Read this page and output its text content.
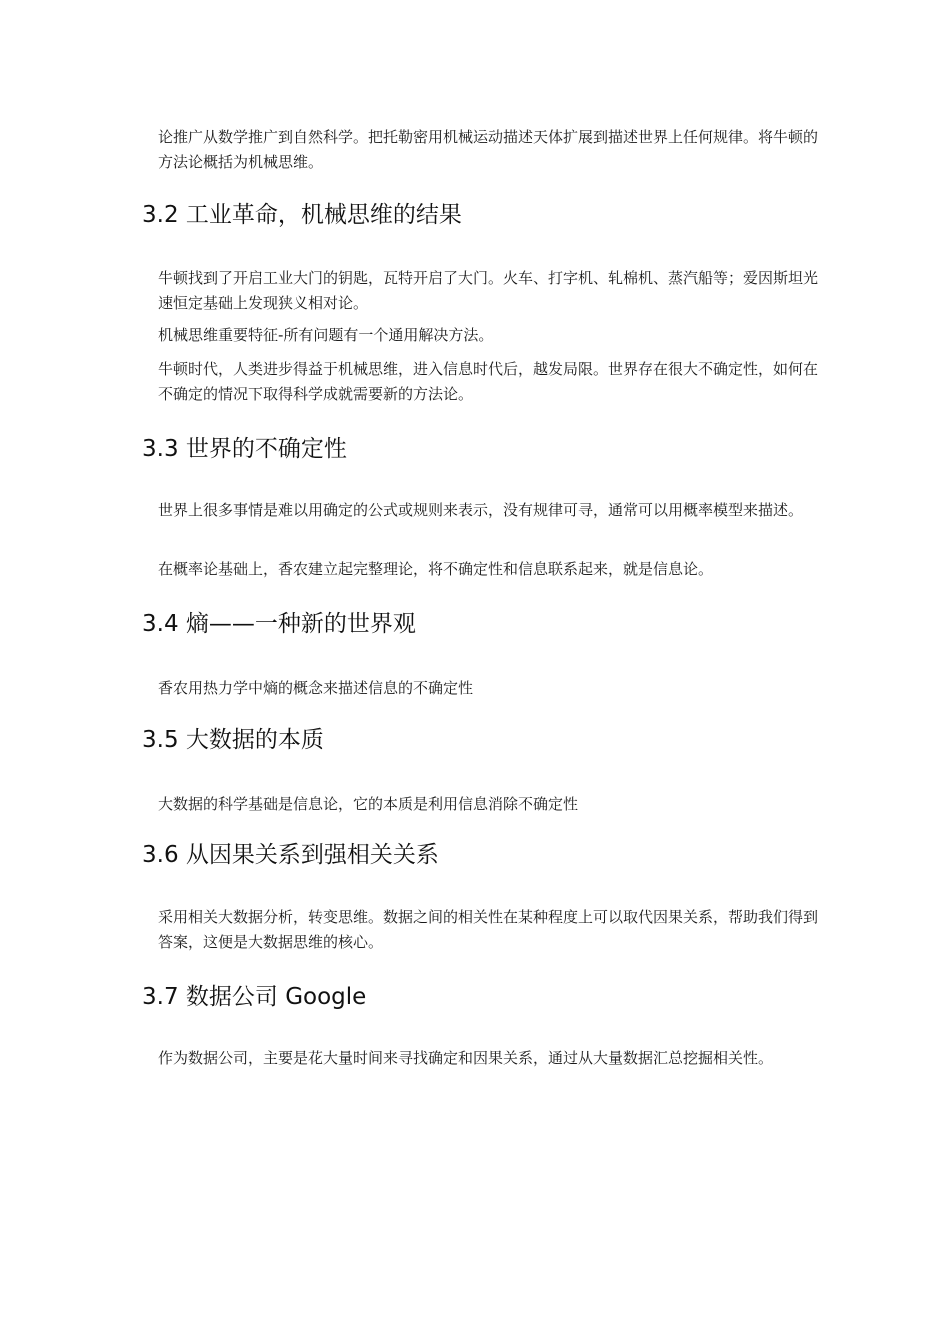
论推广从数学推广到自然科学。把托勒密用机械运动描述天体扩展到描述世界上任何规律。将牛顿的方法论概括为机械思维。

3.2 工业革命，机械思维的结果

牛顿找到了开启工业大门的钥匙，瓦特开启了大门。火车、打字机、轧棉机、蒸汽船等；爱因斯坦光速恒定基础上发现狭义相对论。

机械思维重要特征-所有问题有一个通用解决方法。

牛顿时代，人类进步得益于机械思维，进入信息时代后，越发局限。世界存在很大不确定性，如何在不确定的情况下取得科学成就需要新的方法论。

3.3 世界的不确定性

世界上很多事情是难以用确定的公式或规则来表示，没有规律可寻，通常可以用概率模型来描述。

在概率论基础上，香农建立起完整理论，将不确定性和信息联系起来，就是信息论。

3.4 熵——一种新的世界观

香农用热力学中熵的概念来描述信息的不确定性

3.5 大数据的本质

大数据的科学基础是信息论，它的本质是利用信息消除不确定性

3.6 从因果关系到强相关关系

采用相关大数据分析，转变思维。数据之间的相关性在某种程度上可以取代因果关系，帮助我们得到答案，这便是大数据思维的核心。

3.7 数据公司 Google

作为数据公司，主要是花大量时间来寻找确定和因果关系，通过从大量数据汇总挖掘相关性。
